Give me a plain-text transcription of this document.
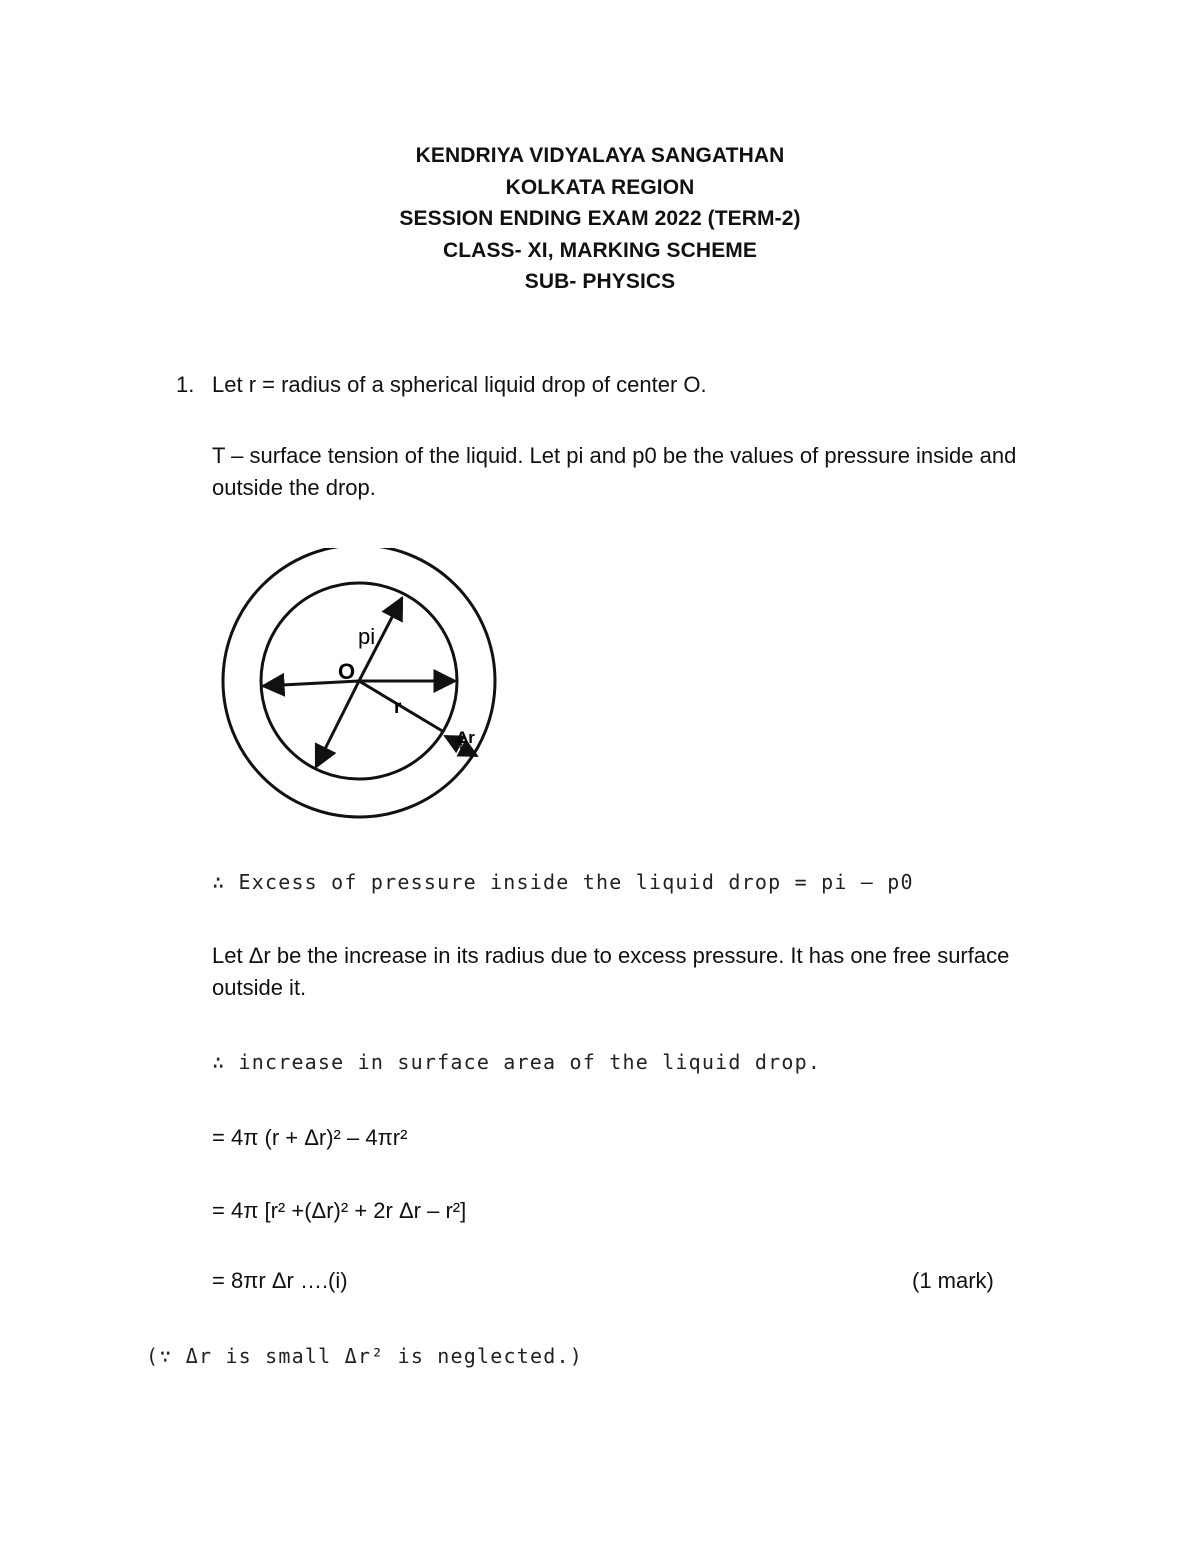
KENDRIYA VIDYALAYA SANGATHAN
KOLKATA REGION
SESSION ENDING EXAM 2022 (TERM-2)
CLASS- XI, MARKING SCHEME
SUB- PHYSICS
1. Let r = radius of a spherical liquid drop of center O.
T – surface tension of the liquid. Let pi and p0 be the values of pressure inside and outside the drop.
pi
O
r
Δr
∴ Excess of pressure inside the liquid drop = pi – p0
Let Δr be the increase in its radius due to excess pressure. It has one free surface outside it.
∴ increase in surface area of the liquid drop.
= 4π (r + Δr)² – 4πr²
= 4π [r² +(Δr)² + 2r Δr – r²]
= 8πr Δr ….(i)	(1 mark)
(∵ Δr is small Δr² is neglected.)
